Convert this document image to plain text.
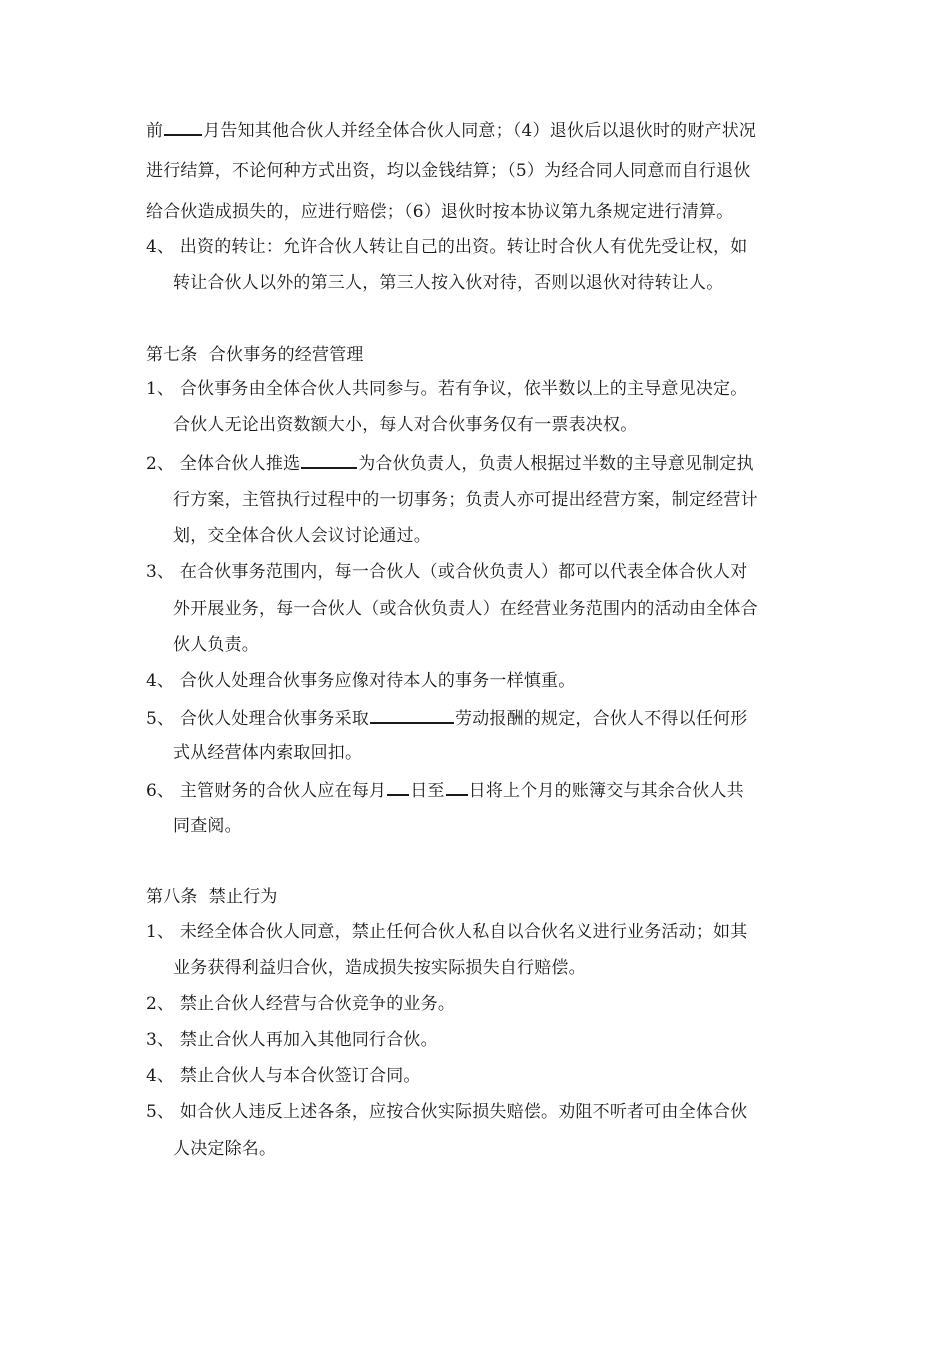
前 月告知其他合伙人并经全体合伙人同意；（4）退伙后以退伙时的财产状况
进行结算，不论何种方式出资，均以金钱结算；（5）为经合同人同意而自行退伙
给合伙造成损失的，应进行赔偿；（6）退伙时按本协议第九条规定进行清算。
4、 出资的转让：允许合伙人转让自己的出资。转让时合伙人有优先受让权，如
转让合伙人以外的第三人，第三人按入伙对待，否则以退伙对待转让人。
第七条  合伙事务的经营管理
1、 合伙事务由全体合伙人共同参与。若有争议，依半数以上的主导意见决定。
合伙人无论出资数额大小，每人对合伙事务仅有一票表决权。
2、 全体合伙人推选	为合伙负责人，负责人根据过半数的主导意见制定执
行方案，主管执行过程中的一切事务；负责人亦可提出经营方案，制定经营计
划，交全体合伙人会议讨论通过。
3、 在合伙事务范围内，每一合伙人（或合伙负责人）都可以代表全体合伙人对
外开展业务，每一合伙人（或合伙负责人）在经营业务范围内的活动由全体合
伙人负责。
4、 合伙人处理合伙事务应像对待本人的事务一样慎重。
5、 合伙人处理合伙事务采取	劳动报酬的规定，合伙人不得以任何形
式从经营体内索取回扣。
6、 主管财务的合伙人应在每月 日至 日将上个月的账簿交与其余合伙人共
同查阅。
第八条  禁止行为
1、 未经全体合伙人同意，禁止任何合伙人私自以合伙名义进行业务活动；如其
业务获得利益归合伙，造成损失按实际损失自行赔偿。
2、 禁止合伙人经营与合伙竞争的业务。
3、 禁止合伙人再加入其他同行合伙。
4、 禁止合伙人与本合伙签订合同。
5、 如合伙人违反上述各条，应按合伙实际损失赔偿。劝阻不听者可由全体合伙
人决定除名。
